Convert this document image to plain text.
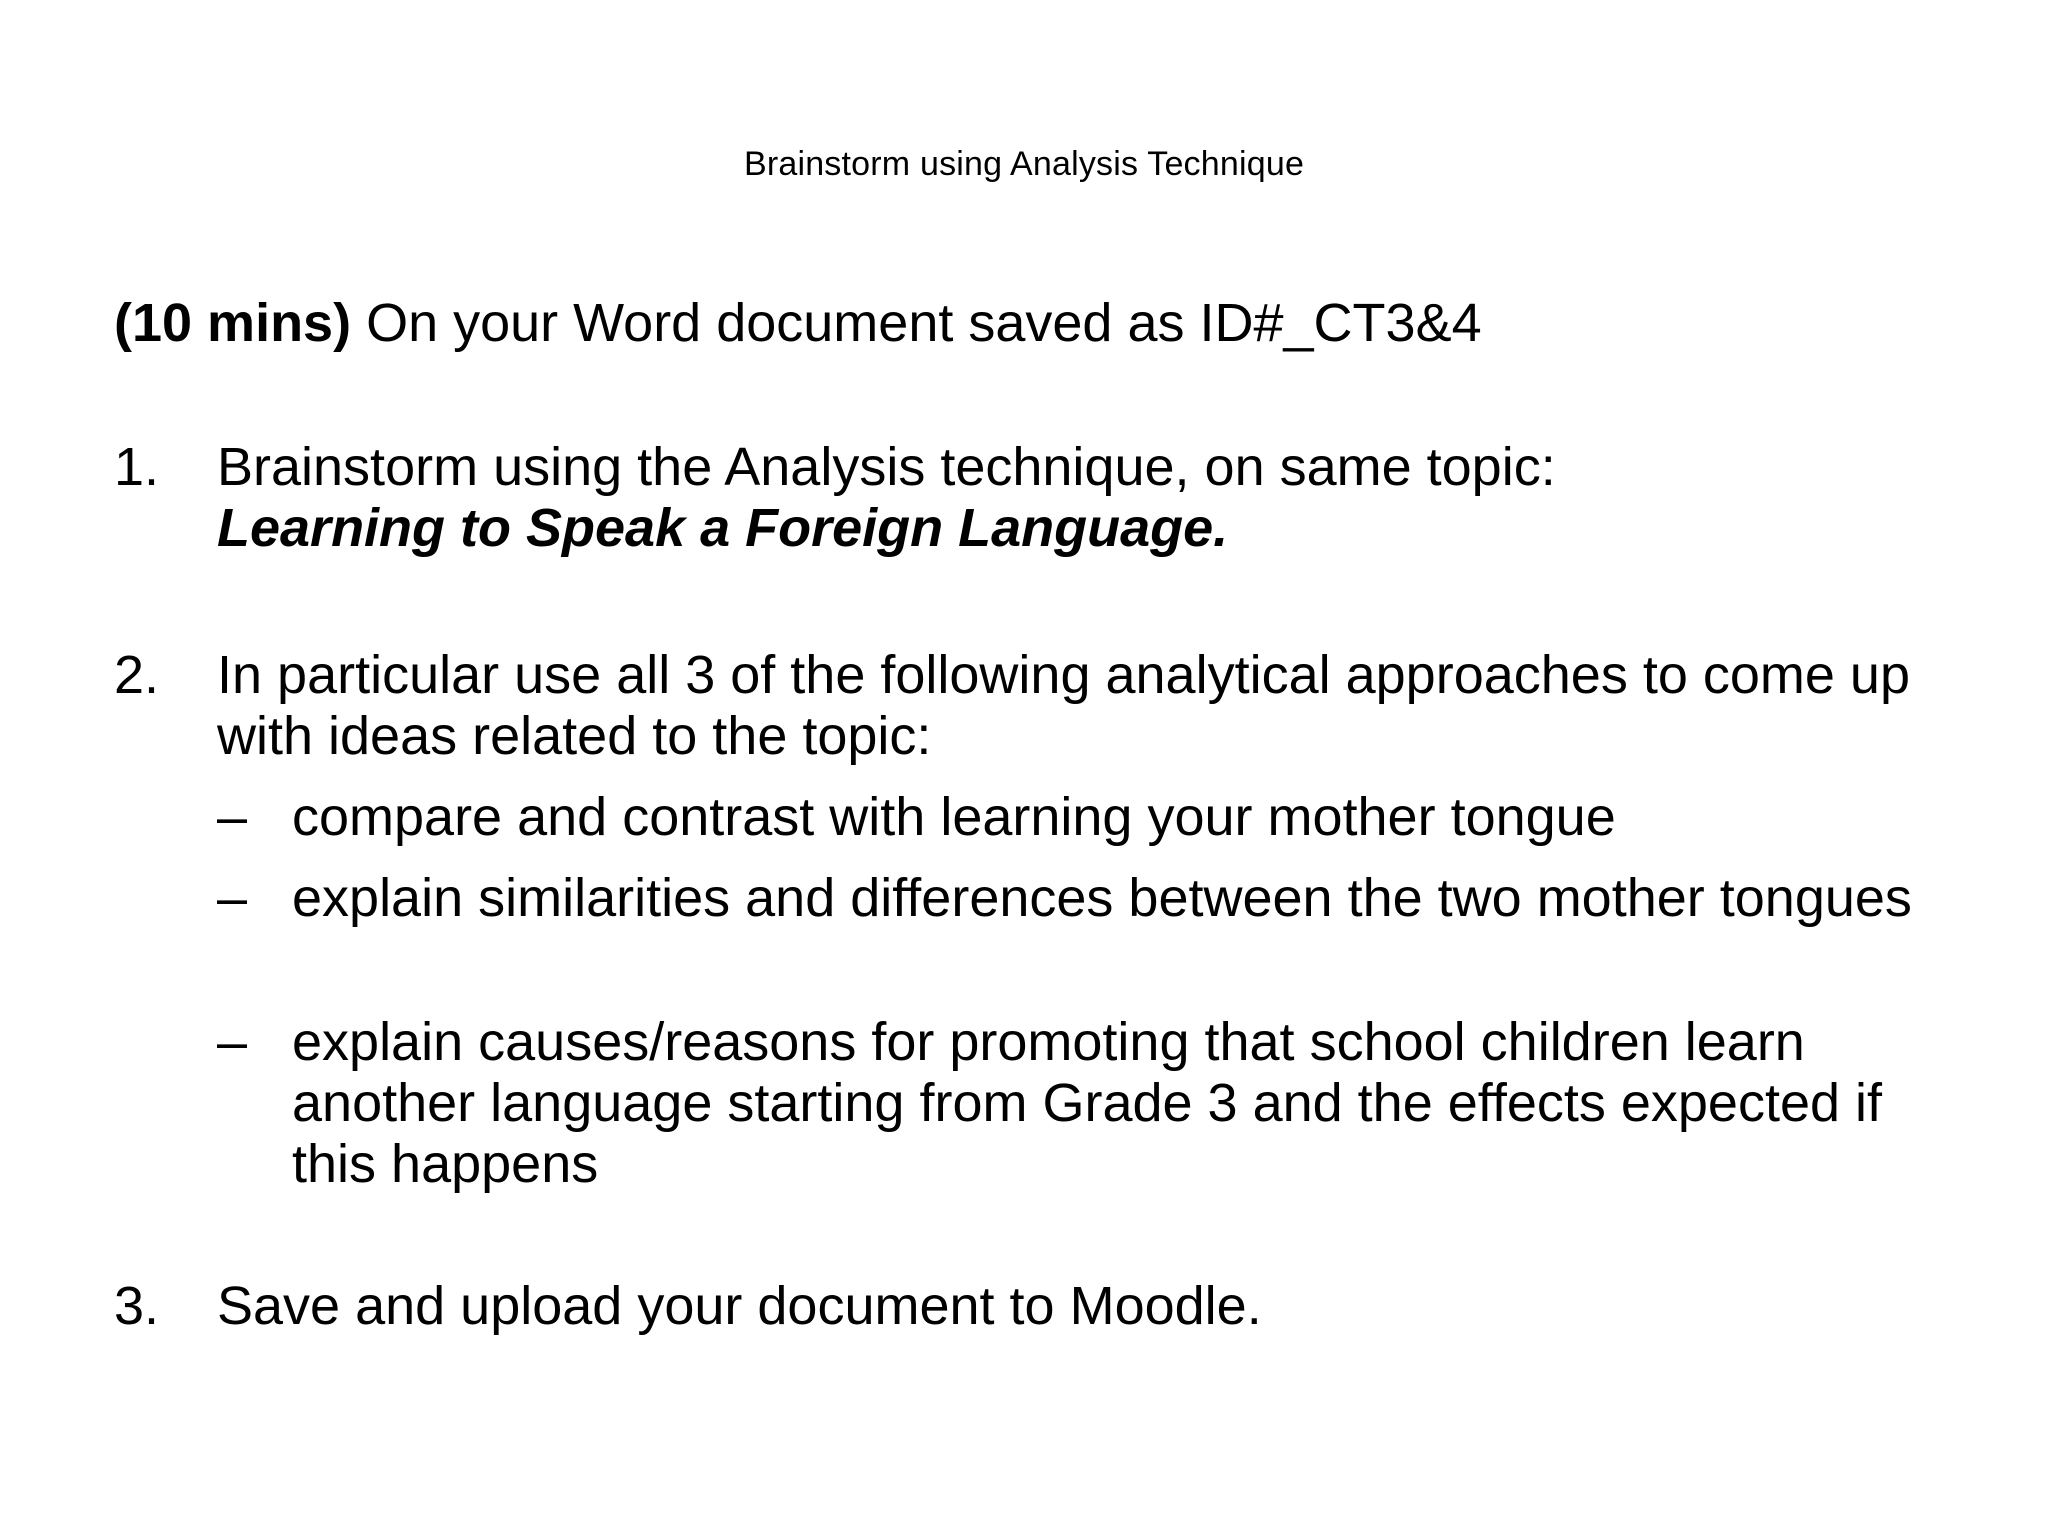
Brainstorm using Analysis Technique
(10 mins) On your Word document saved as ID#_CT3&4
1.	Brainstorm using the Analysis technique, on same topic:
Learning to Speak a Foreign Language.
2.	In particular use all 3 of the following analytical approaches to come up with ideas related to the topic:
– compare and contrast with learning your mother tongue
– explain similarities and differences between the two mother tongues
– explain causes/reasons for promoting that school children learn another language starting from Grade 3 and the effects expected if this happens
3.	Save and upload your document to Moodle.
